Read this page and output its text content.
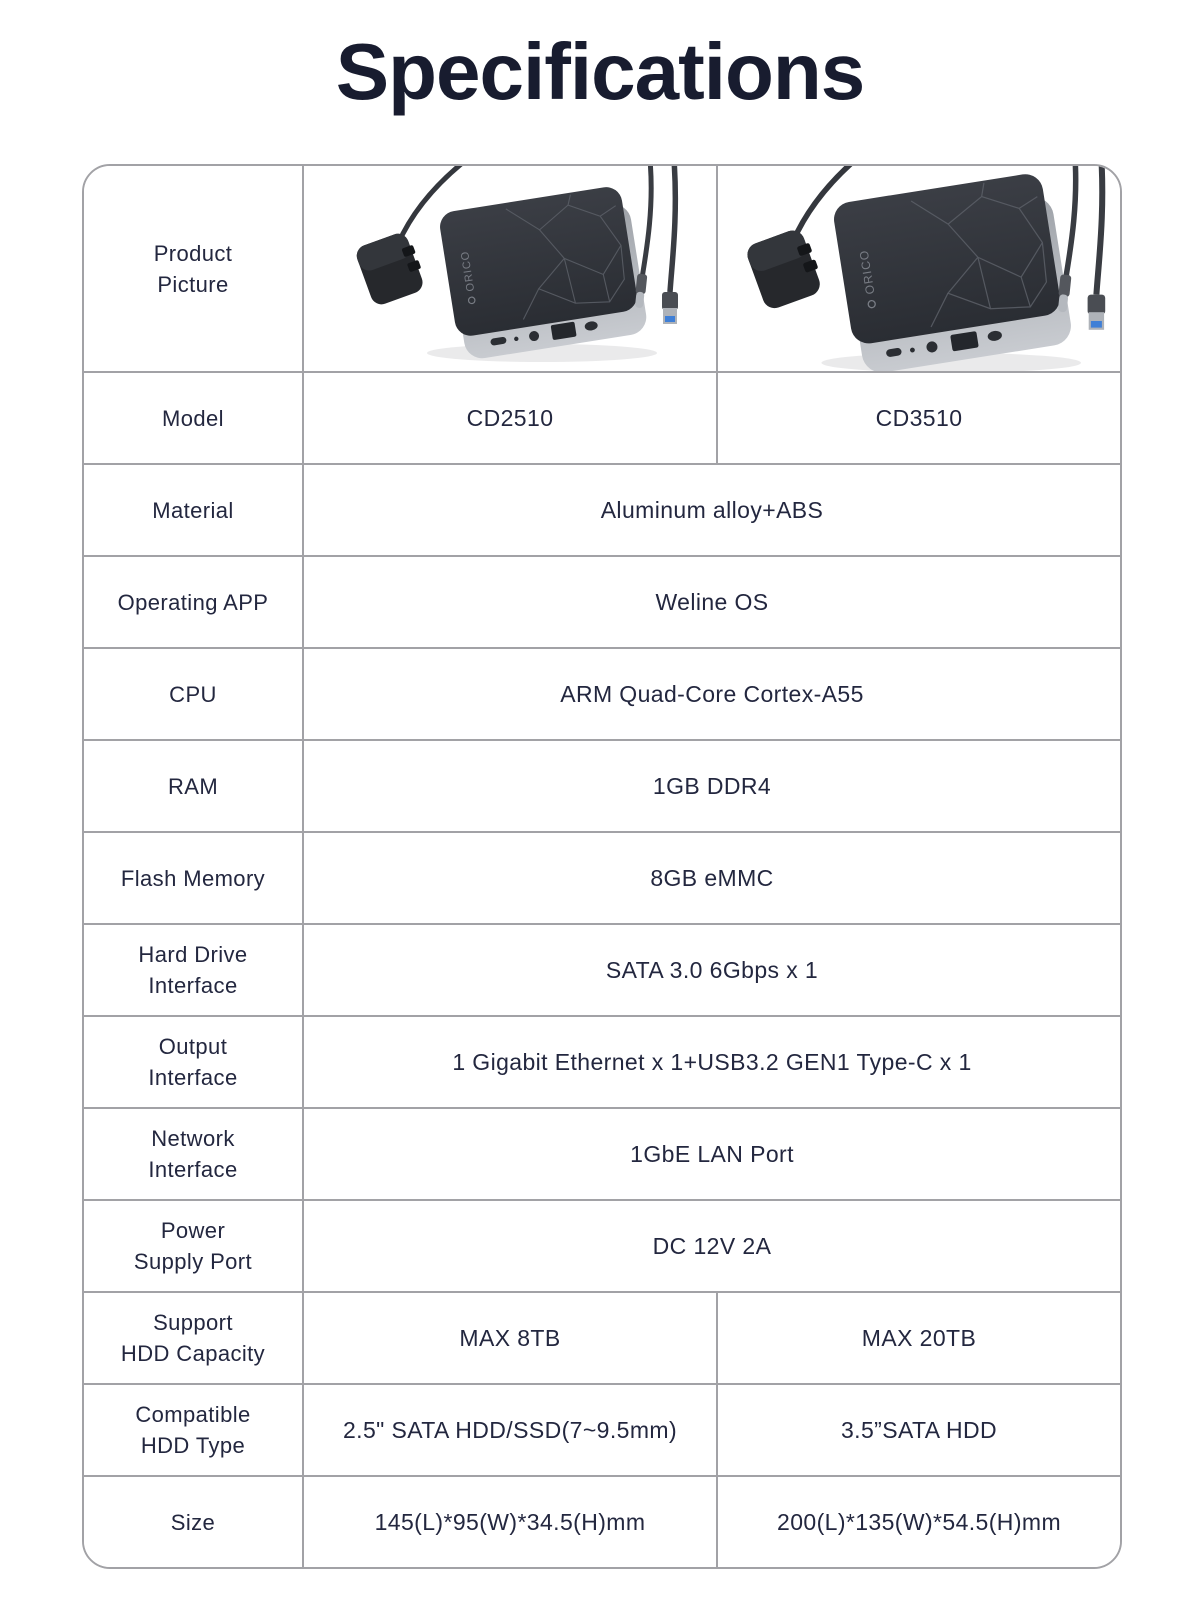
Specifications
Product
Picture	ORICO	ORICO

Model	CD2510	CD3510

Material	Aluminum alloy+ABS	

Operating APP	Weline OS	

CPU	ARM Quad-Core Cortex-A55	

RAM	1GB DDR4	

Flash Memory	8GB eMMC	

Hard Drive
Interface	SATA 3.0 6Gbps x 1	

Output
Interface	1 Gigabit Ethernet x 1+USB3.2 GEN1 Type-C x 1	

Network
Interface	1GbE LAN Port	

Power
Supply Port	DC 12V 2A	

Support
HDD Capacity	MAX 8TB	MAX 20TB

Compatible
HDD Type	2.5" SATA HDD/SSD(7~9.5mm)	3.5”SATA HDD

Size	145(L)*95(W)*34.5(H)mm	200(L)*135(W)*54.5(H)mm
